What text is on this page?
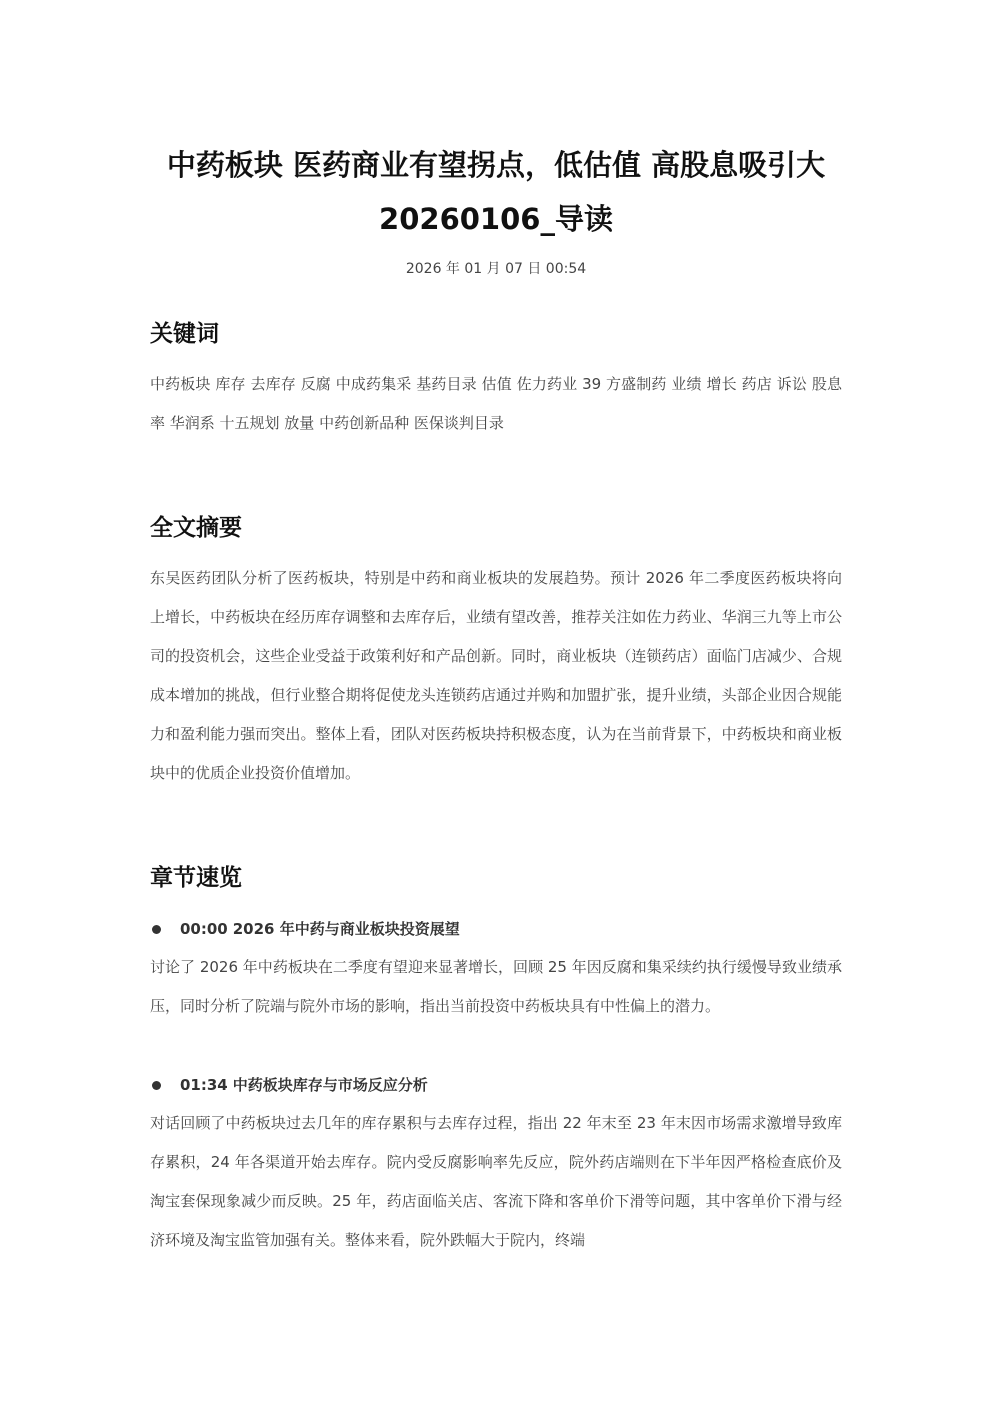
中药板块 医药商业有望拐点，低估值 高股息吸引大20260106_导读
2026 年 01 月 07 日 00:54
关键词

中药板块 库存 去库存 反腐 中成药集采 基药目录 估值 佐力药业 39 方盛制药 业绩 增长 药店 诉讼 股息率 华润系 十五规划 放量 中药创新品种 医保谈判目录

全文摘要

东吴医药团队分析了医药板块，特别是中药和商业板块的发展趋势。预计 2026 年二季度医药板块将向上增长，中药板块在经历库存调整和去库存后，业绩有望改善，推荐关注如佐力药业、华润三九等上市公司的投资机会，这些企业受益于政策利好和产品创新。同时，商业板块（连锁药店）面临门店减少、合规成本增加的挑战，但行业整合期将促使龙头连锁药店通过并购和加盟扩张，提升业绩，头部企业因合规能力和盈利能力强而突出。整体上看，团队对医药板块持积极态度，认为在当前背景下，中药板块和商业板块中的优质企业投资价值增加。

章节速览
00:00 2026 年中药与商业板块投资展望

讨论了 2026 年中药板块在二季度有望迎来显著增长，回顾 25 年因反腐和集采续约执行缓慢导致业绩承压，同时分析了院端与院外市场的影响，指出当前投资中药板块具有中性偏上的潜力。

01:34 中药板块库存与市场反应分析

对话回顾了中药板块过去几年的库存累积与去库存过程，指出 22 年末至 23 年末因市场需求激增导致库存累积，24 年各渠道开始去库存。院内受反腐影响率先反应，院外药店端则在下半年因严格检查底价及淘宝套保现象减少而反映。25 年，药店面临关店、客流下降和客单价下滑等问题，其中客单价下滑与经济环境及淘宝监管加强有关。整体来看，院外跌幅大于院内，终端
